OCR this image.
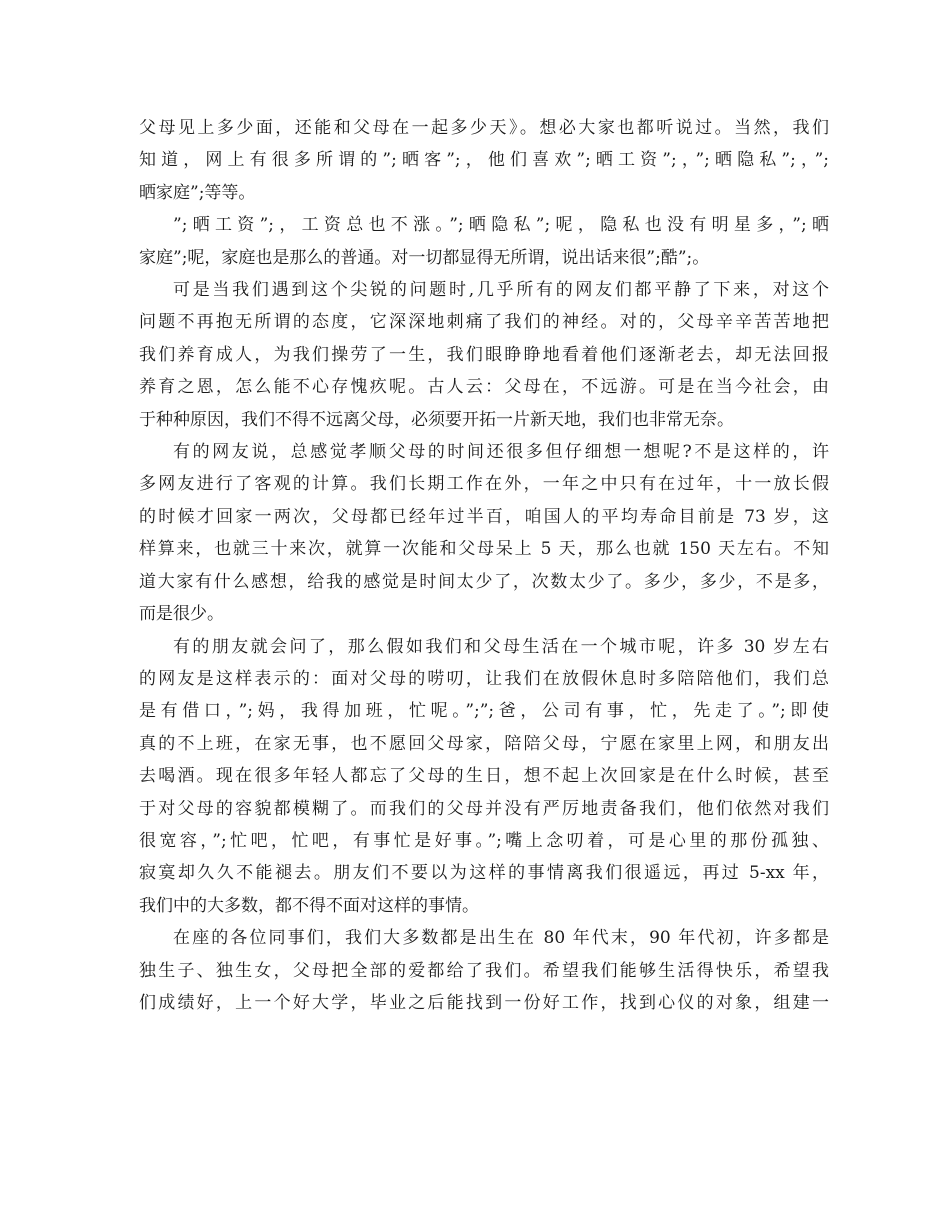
父母见上多少面，还能和父母在一起多少天》。想必大家也都听说过。当然，我们
知道，网上有很多所谓的”;晒客”;，他们喜欢”;晒工资”;，”;晒隐私”;，”;
晒家庭”;等等。

”;晒工资”;，工资总也不涨。”;晒隐私”;呢，隐私也没有明星多，”;晒
家庭”;呢，家庭也是那么的普通。对一切都显得无所谓，说出话来很”;酷”;。

可是当我们遇到这个尖锐的问题时,几乎所有的网友们都平静了下来，对这个
问题不再抱无所谓的态度，它深深地刺痛了我们的神经。对的，父母辛辛苦苦地把
我们养育成人，为我们操劳了一生，我们眼睁睁地看着他们逐渐老去，却无法回报
养育之恩，怎么能不心存愧疚呢。古人云：父母在，不远游。可是在当今社会，由
于种种原因，我们不得不远离父母，必须要开拓一片新天地，我们也非常无奈。

有的网友说，总感觉孝顺父母的时间还很多但仔细想一想呢?不是这样的，许
多网友进行了客观的计算。我们长期工作在外，一年之中只有在过年，十一放长假
的时候才回家一两次，父母都已经年过半百，咱国人的平均寿命目前是 73 岁，这
样算来，也就三十来次，就算一次能和父母呆上 5 天，那么也就 150 天左右。不知
道大家有什么感想，给我的感觉是时间太少了，次数太少了。多少，多少，不是多，
而是很少。

有的朋友就会问了，那么假如我们和父母生活在一个城市呢，许多 30 岁左右
的网友是这样表示的：面对父母的唠叨，让我们在放假休息时多陪陪他们，我们总
是有借口，”;妈，我得加班，忙呢。”;”;爸，公司有事，忙，先走了。”;即使
真的不上班，在家无事，也不愿回父母家，陪陪父母，宁愿在家里上网，和朋友出
去喝酒。现在很多年轻人都忘了父母的生日，想不起上次回家是在什么时候，甚至
于对父母的容貌都模糊了。而我们的父母并没有严厉地责备我们，他们依然对我们
很宽容，”;忙吧，忙吧，有事忙是好事。”;嘴上念叨着，可是心里的那份孤独、
寂寞却久久不能褪去。朋友们不要以为这样的事情离我们很遥远，再过 5-xx 年，
我们中的大多数，都不得不面对这样的事情。

在座的各位同事们，我们大多数都是出生在 80 年代末，90 年代初，许多都是
独生子、独生女，父母把全部的爱都给了我们。希望我们能够生活得快乐，希望我
们成绩好，上一个好大学，毕业之后能找到一份好工作，找到心仪的对象，组建一
